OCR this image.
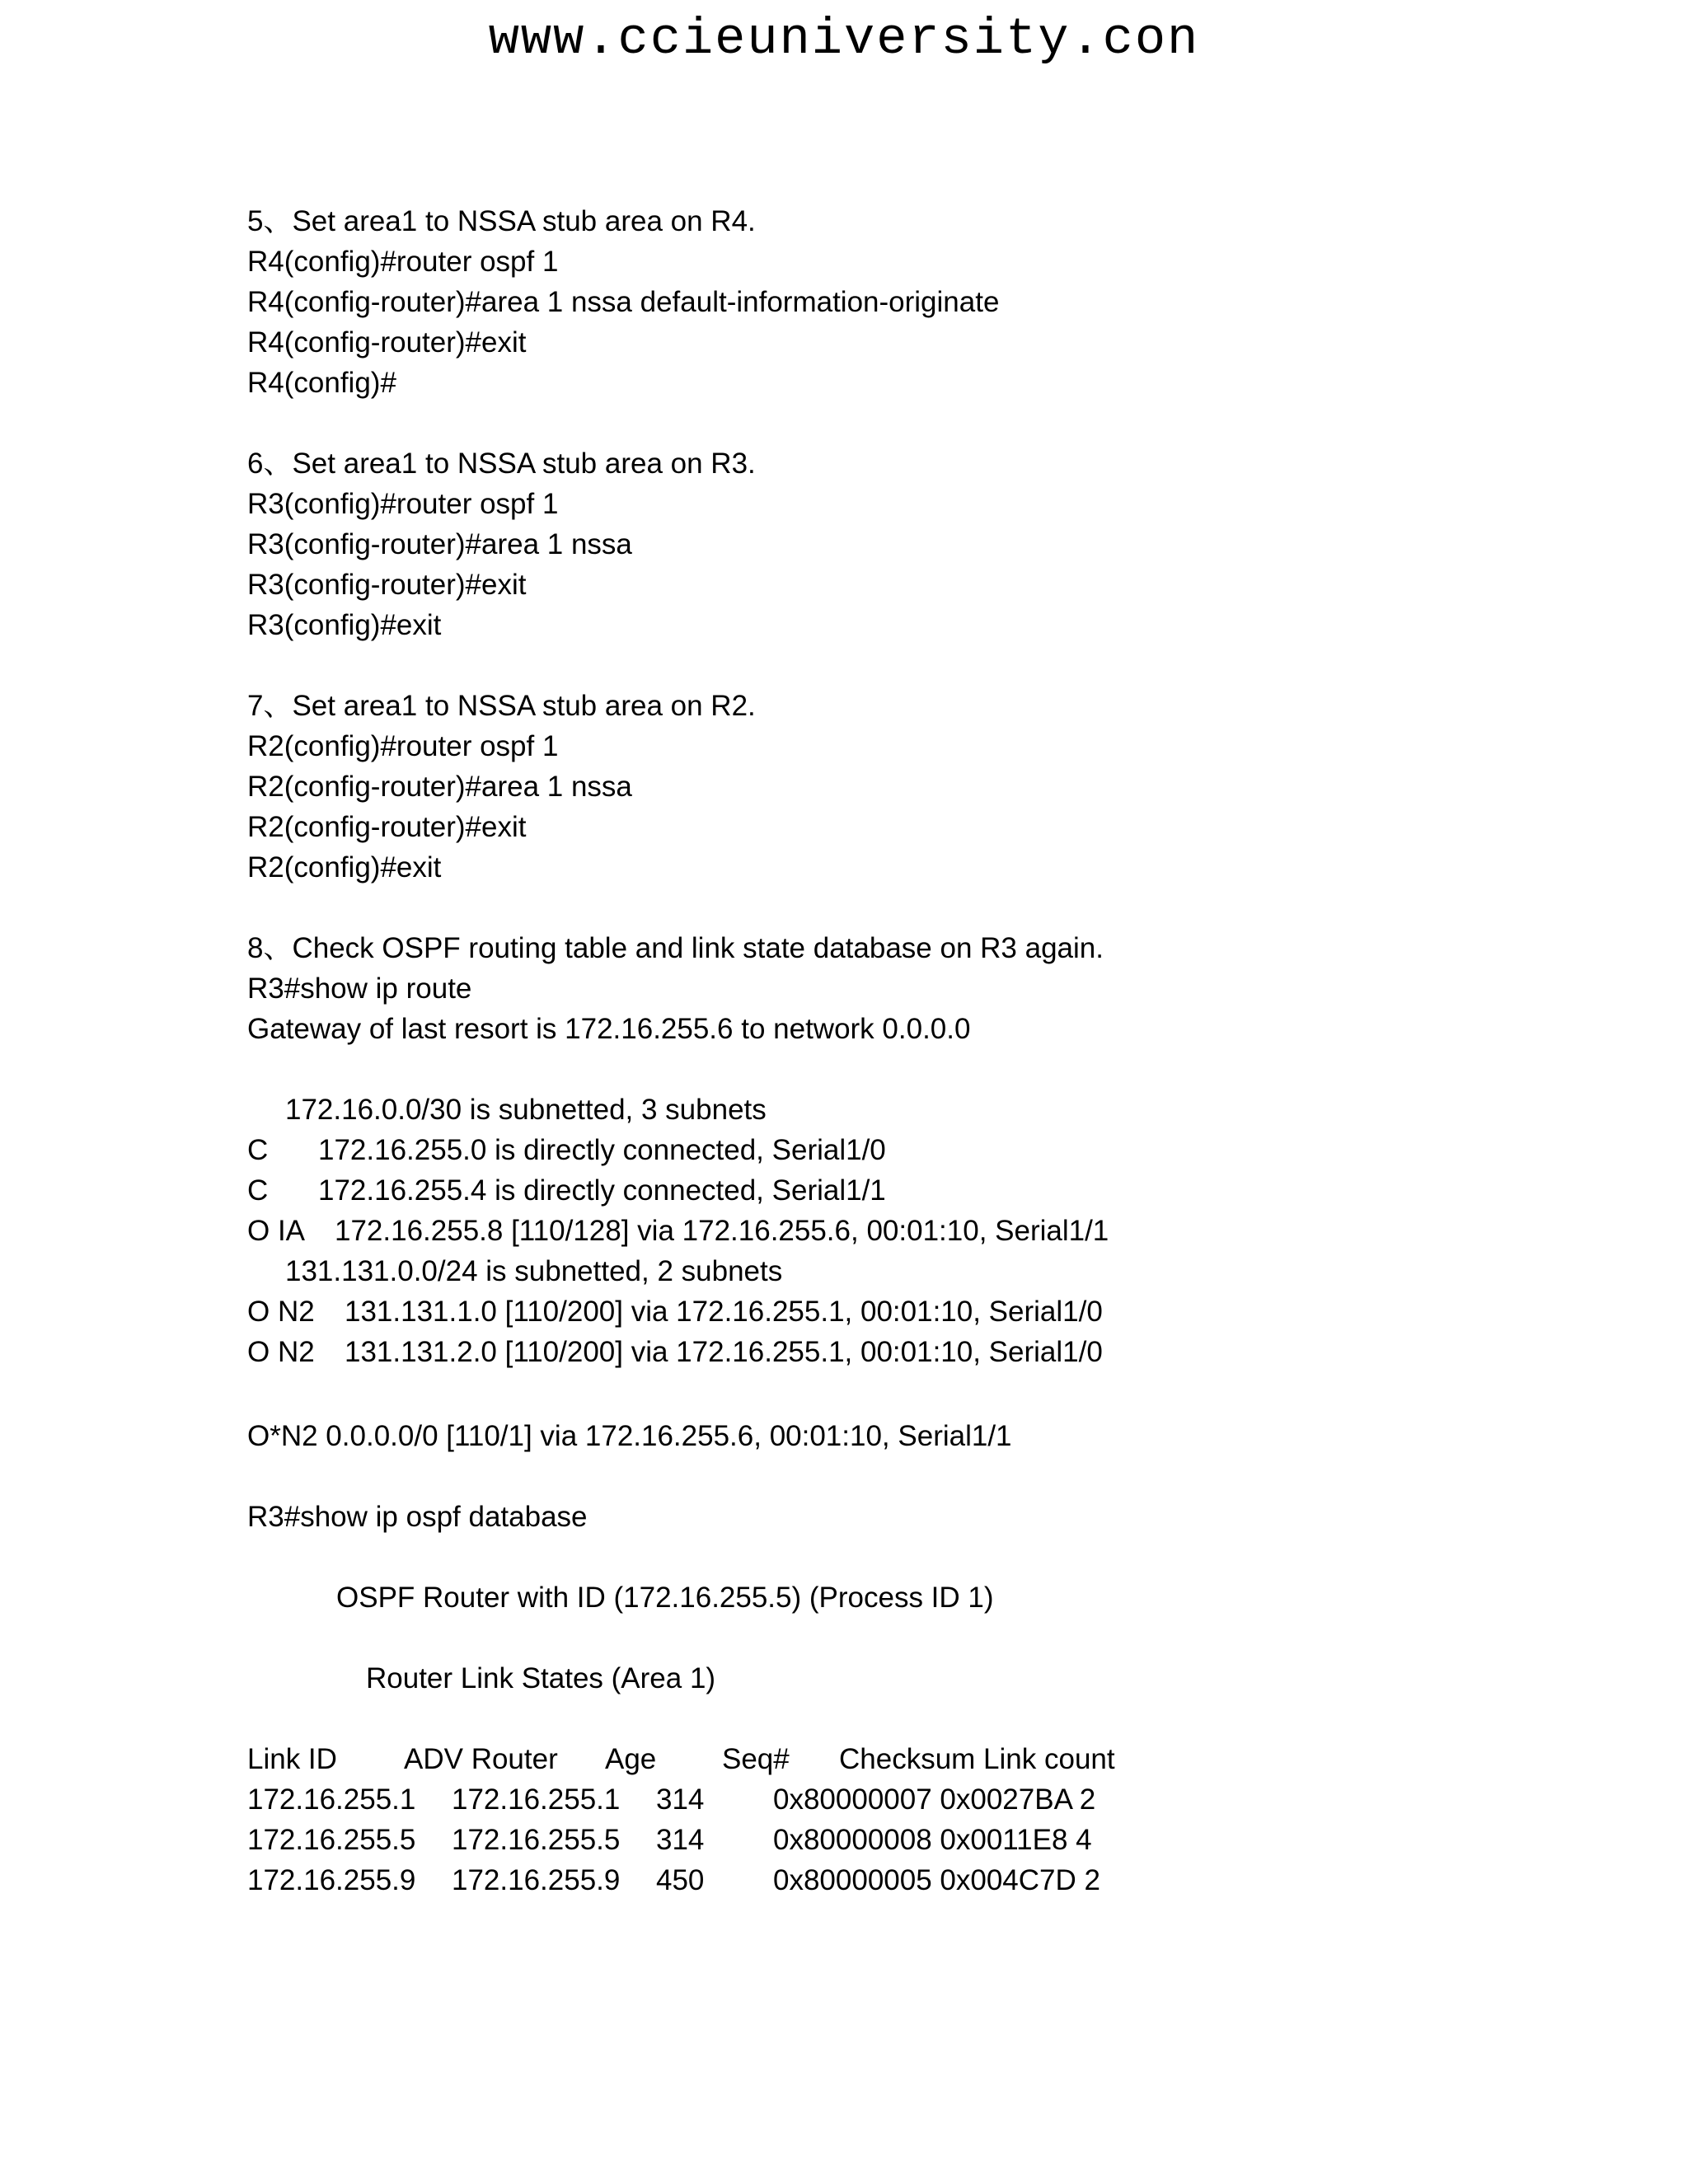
www.ccieuniversity.con
5、Set area1 to NSSA stub area on R4.
R4(config)#router ospf 1
R4(config-router)#area 1 nssa default-information-originate
R4(config-router)#exit
R4(config)#
6、Set area1 to NSSA stub area on R3.
R3(config)#router ospf 1
R3(config-router)#area 1 nssa
R3(config-router)#exit
R3(config)#exit
7、Set area1 to NSSA stub area on R2.
R2(config)#router ospf 1
R2(config-router)#area 1 nssa
R2(config-router)#exit
R2(config)#exit
8、Check OSPF routing table and link state database on R3 again.
R3#show ip route
Gateway of last resort is 172.16.255.6 to network 0.0.0.0
172.16.0.0/30 is subnetted, 3 subnets
C	172.16.255.0 is directly connected, Serial1/0
C	172.16.255.4 is directly connected, Serial1/1
O IA	172.16.255.8 [110/128] via 172.16.255.6, 00:01:10, Serial1/1
131.131.0.0/24 is subnetted, 2 subnets
O N2	131.131.1.0 [110/200] via 172.16.255.1, 00:01:10, Serial1/0
O N2	131.131.2.0 [110/200] via 172.16.255.1, 00:01:10, Serial1/0
O*N2 0.0.0.0/0 [110/1] via 172.16.255.6, 00:01:10, Serial1/1
R3#show ip ospf database
OSPF Router with ID (172.16.255.5) (Process ID 1)
Router Link States (Area 1)
Link ID	ADV Router	Age	Seq#	Checksum Link count
172.16.255.1	172.16.255.1	314	0x80000007 0x0027BA 2
172.16.255.5	172.16.255.5	314	0x80000008 0x0011E8 4
172.16.255.9	172.16.255.9	450	0x80000005 0x004C7D 2
